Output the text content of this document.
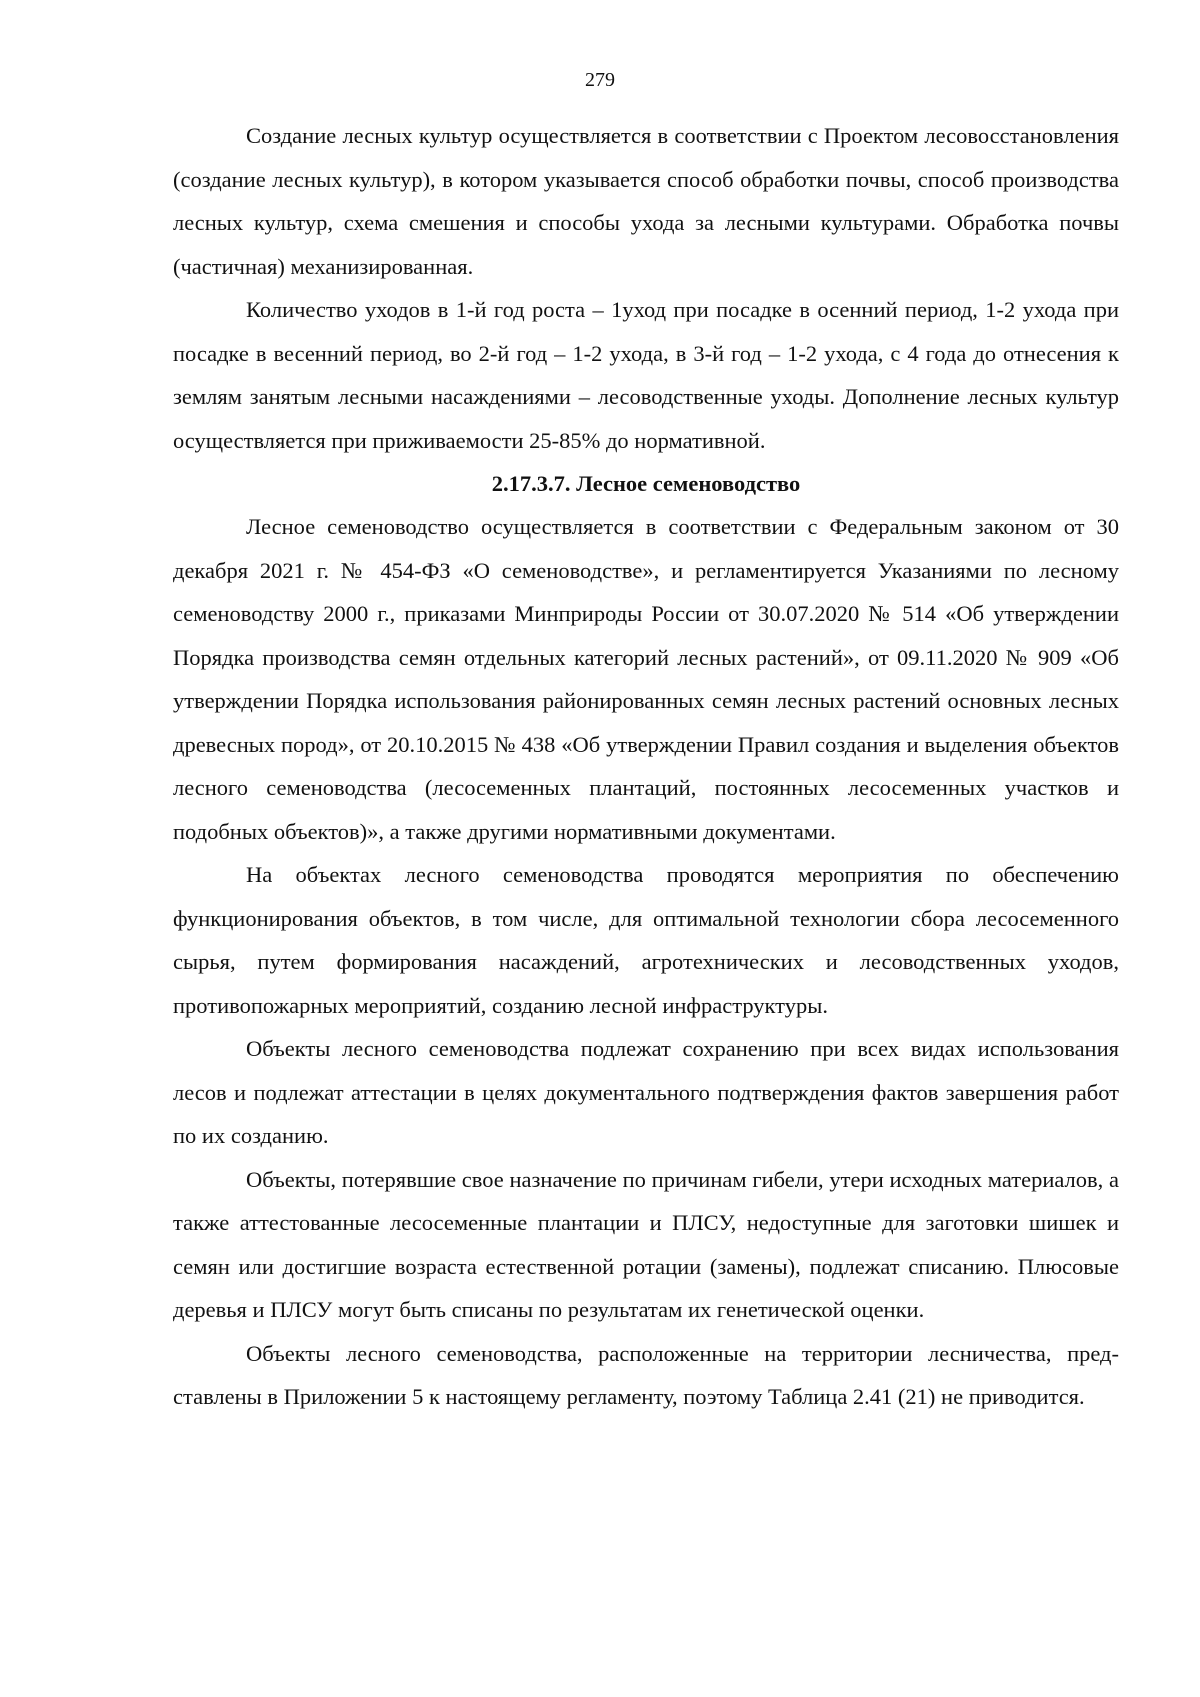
279

Создание лесных культур осуществляется в соответствии с Проектом лесовосстановления (создание лесных культур), в котором указывается способ обработки почвы, способ производства лесных культур, схема смешения и способы ухода за лесными культурами. Обработка почвы (частичная) механизированная.

Количество уходов в 1-й год роста – 1уход при посадке в осенний период, 1-2 ухода при посадке в весенний период, во 2-й год – 1-2 ухода, в 3-й год – 1-2 ухода, с 4 года до отнесения к землям занятым лесными насаждениями – лесоводственные уходы. Дополнение лесных культур осуществляется при приживаемости 25-85% до нормативной.

2.17.3.7. Лесное семеноводство

Лесное семеноводство осуществляется в соответствии с Федеральным законом от 30 декабря 2021 г. № 454-ФЗ «О семеноводстве», и регламентируется Указаниями по лесному семеноводству 2000 г., приказами Минприроды России от 30.07.2020 № 514 «Об утверждении Порядка производства семян отдельных категорий лесных растений», от 09.11.2020 № 909 «Об утверждении Порядка использования районированных семян лесных растений основных лесных древесных пород», от 20.10.2015 № 438 «Об утверждении Правил создания и выделения объектов лесного семеноводства (лесосеменных плантаций, постоянных лесосеменных участков и подобных объектов)», а также другими нормативными документами.

На объектах лесного семеноводства проводятся мероприятия по обеспечению функционирования объектов, в том числе, для оптимальной технологии сбора лесосеменного сырья, путем формирования насаждений, агротехнических и лесоводственных уходов, противопожарных мероприятий, созданию лесной инфраструктуры.

Объекты лесного семеноводства подлежат сохранению при всех видах использования лесов и подлежат аттестации в целях документального подтверждения фактов завершения работ по их созданию.

Объекты, потерявшие свое назначение по причинам гибели, утери исходных материалов, а также аттестованные лесосеменные плантации и ПЛСУ, недоступные для заготовки шишек и семян или достигшие возраста естественной ротации (замены), подлежат списанию. Плюсовые деревья и ПЛСУ могут быть списаны по результатам их генетической оценки.

Объекты лесного семеноводства, расположенные на территории лесничества, представлены в Приложении 5 к настоящему регламенту, поэтому Таблица 2.41 (21) не приводится.
